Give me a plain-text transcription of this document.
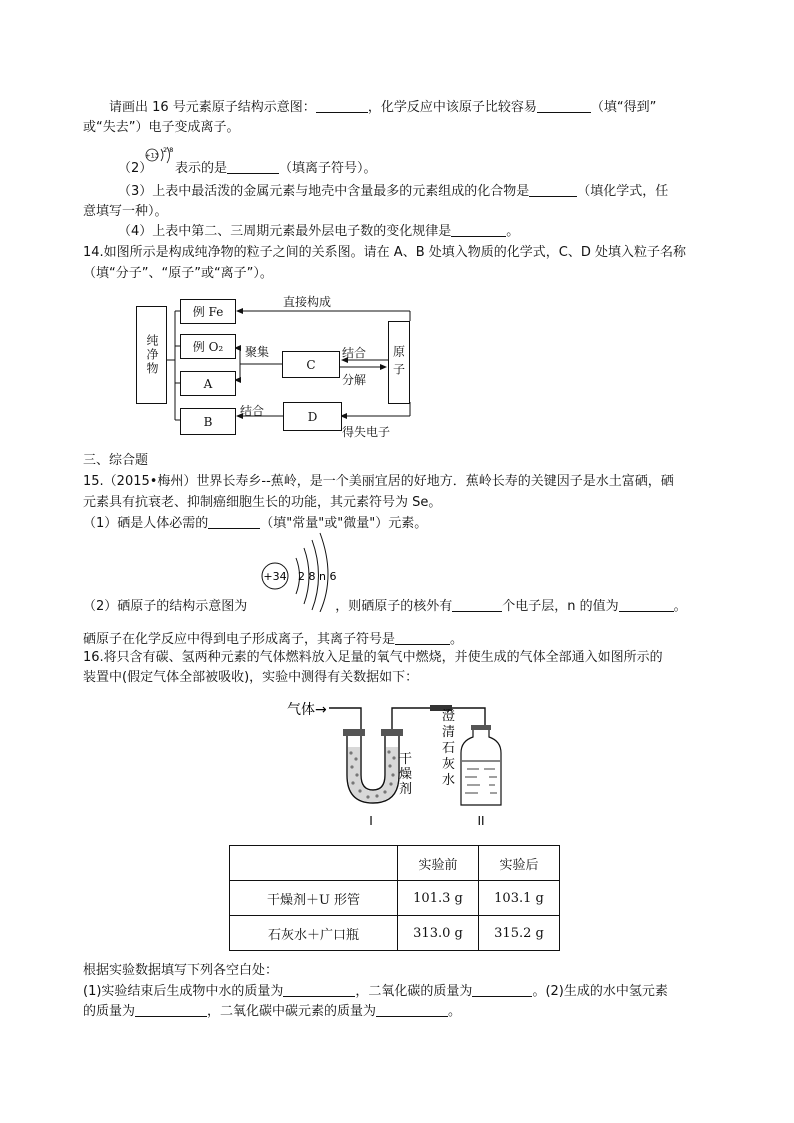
请画出 16 号元素原子结构示意图：	，化学反应中该原子比较容易	（填“得到”
或“失去”）电子变成离子。
（2）
+13
2 8
表示的是	（填离子符号）。
（3）上表中最活泼的金属元素与地壳中含量最多的元素组成的化合物是	（填化学式，任
意填写一种）。
（4）上表中第二、三周期元素最外层电子数的变化规律是	。
14.如图所示是构成纯净物的粒子之间的关系图。请在 A、B 处填入物质的化学式，C、D 处填入粒子名称
（填“分子”、“原子”或“离子”）。
纯净物
例 Fe
例 O₂
A
B
C
D
原子
直接构成
聚集	结合
分解
结合
得失电子
三、综合题
15.（2015•梅州）世界长寿乡--蕉岭，是一个美丽宜居的好地方．蕉岭长寿的关键因子是水土富硒，硒
元素具有抗衰老、抑制癌细胞生长的功能，其元素符号为 Se。
（1）硒是人体必需的	（填"常量"或"微量"）元素。
+34 2 8 n 6
（2）硒原子的结构示意图为	，则硒原子的核外有	个电子层，n 的值为	。
硒原子在化学反应中得到电子形成离子，其离子符号是	。
16.将只含有碳、氢两种元素的气体燃料放入足量的氧气中燃烧，并使生成的气体全部通入如图所示的
装置中(假定气体全部被吸收)，实验中测得有关数据如下：
气体→
干燥剂
澄清石灰水
I	II
	实验前	实验后
干燥剂＋U 形管	101.3 g	103.1 g
石灰水＋广口瓶	313.0 g	315.2 g
根据实验数据填写下列各空白处：
(1)实验结束后生成物中水的质量为	，二氧化碳的质量为	。(2)生成的水中氢元素
的质量为	，二氧化碳中碳元素的质量为	。
